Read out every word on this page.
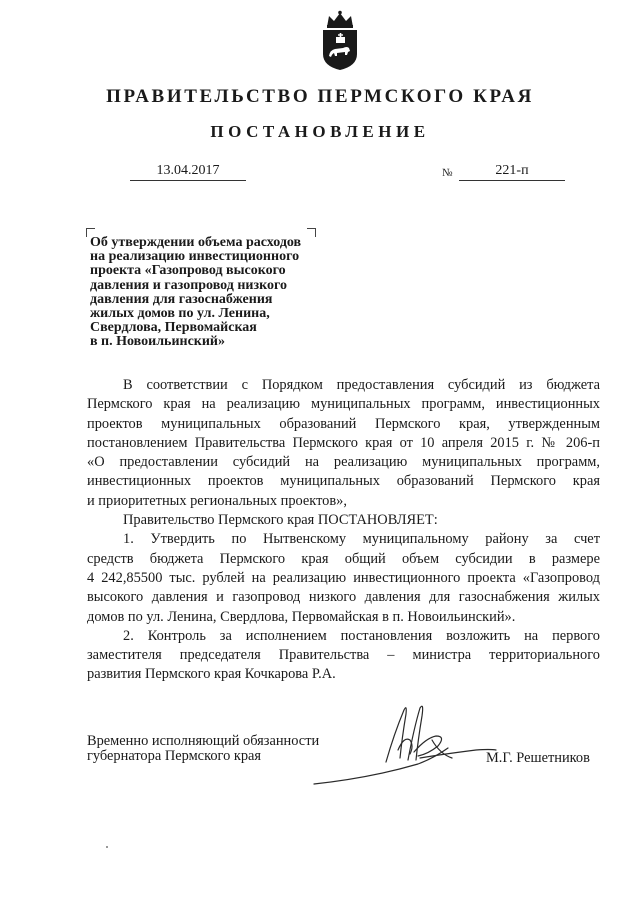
ПРАВИТЕЛЬСТВО ПЕРМСКОГО КРАЯ
ПОСТАНОВЛЕНИЕ
13.04.2017	№	221-п
Об утверждении объема расходов
на реализацию инвестиционного
проекта «Газопровод высокого
давления и газопровод низкого
давления для газоснабжения
жилых домов по ул. Ленина,
Свердлова, Первомайская
в п. Новоильинский»
В соответствии с Порядком предоставления субсидий из бюджета
Пермского края на реализацию муниципальных программ, инвестиционных
проектов муниципальных образований Пермского края, утвержденным
постановлением Правительства Пермского края от 10 апреля 2015 г. № 206-п
«О предоставлении субсидий на реализацию муниципальных программ,
инвестиционных проектов муниципальных образований Пермского края
и приоритетных региональных проектов»,
Правительство Пермского края ПОСТАНОВЛЯЕТ:
1. Утвердить по Нытвенскому муниципальному району за счет
средств бюджета Пермского края общий объем субсидии в размере
4 242,85500 тыс. рублей на реализацию инвестиционного проекта «Газопровод
высокого давления и газопровод низкого давления для газоснабжения жилых
домов по ул. Ленина, Свердлова, Первомайская в п. Новоильинский».
2. Контроль за исполнением постановления возложить на первого
заместителя председателя Правительства – министра территориального
развития Пермского края Кочкарова Р.А.
Временно исполняющий обязанности
губернатора Пермского края	М.Г. Решетников
